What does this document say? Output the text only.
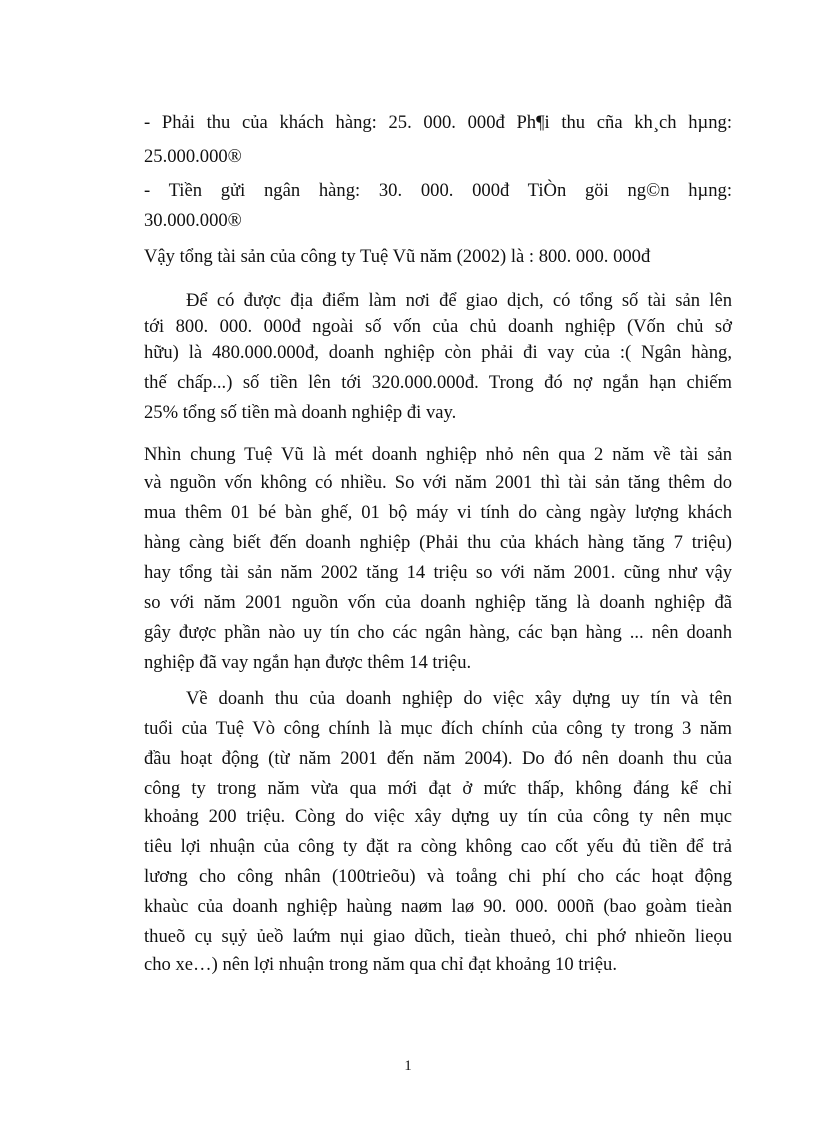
- Phải thu của khách hàng: 25. 000. 000đ Ph¶i thu cña kh¸ch hµng:

25.000.000®

- Tiền gửi ngân hàng: 30. 000. 000đ TiÒn göi ng©n hµng:

30.000.000®

Vậy tổng tài sản của công ty Tuệ Vũ năm (2002) là : 800. 000. 000đ

Để có được địa điểm làm nơi để giao dịch, có tổng số tài sản lên

tới 800. 000. 000đ ngoài số vốn của chủ doanh nghiệp (Vốn chủ sở

hữu) là 480.000.000đ, doanh nghiệp còn phải đi vay của :( Ngân hàng,

thế chấp...) số tiền lên tới 320.000.000đ. Trong đó nợ ngắn hạn chiếm

25% tổng số tiền mà doanh nghiệp đi vay.

Nhìn chung Tuệ Vũ là mét doanh nghiệp nhỏ nên qua 2 năm về tài sản

và nguồn vốn không có nhiều. So với năm 2001 thì tài sản tăng thêm do

mua thêm 01 bé bàn ghế, 01 bộ máy vi tính do càng ngày lượng khách

hàng càng biết đến doanh nghiệp (Phải thu của khách hàng tăng 7 triệu)

hay tổng tài sản năm 2002 tăng 14 triệu so với năm 2001. cũng như vậy

so với năm 2001 nguồn vốn của doanh nghiệp tăng là doanh nghiệp đã

gây được phần nào uy tín cho các ngân hàng, các bạn hàng ... nên doanh

nghiệp đã vay ngắn hạn được thêm 14 triệu.

Về doanh thu của doanh nghiệp do việc xây dựng uy tín và tên

tuổi của Tuệ Vò công chính là mục đích chính của công ty trong 3 năm

đầu hoạt động (từ năm 2001 đến năm 2004). Do đó nên doanh thu của

công ty trong năm vừa qua mới đạt ở mức thấp, không đáng kể chỉ

khoảng 200 triệu. Còng do việc xây dựng uy tín của công ty nên mục

tiêu lợi nhuận của công ty đặt ra còng không cao cốt yếu đủ tiền để trả

lương cho công nhân (100trieõu) và toång chi phí cho các hoạt động

khaùc của doanh nghiệp haùng naøm laø 90. 000. 000ñ (bao goàm tieàn

thueõ cụ sụỷ ủeồ laứm nụi giao dũch, tieàn thueỏ, chi phớ nhieõn lieọu

cho xe…) nên lợi nhuận trong năm qua chỉ đạt khoảng 10 triệu.

1
